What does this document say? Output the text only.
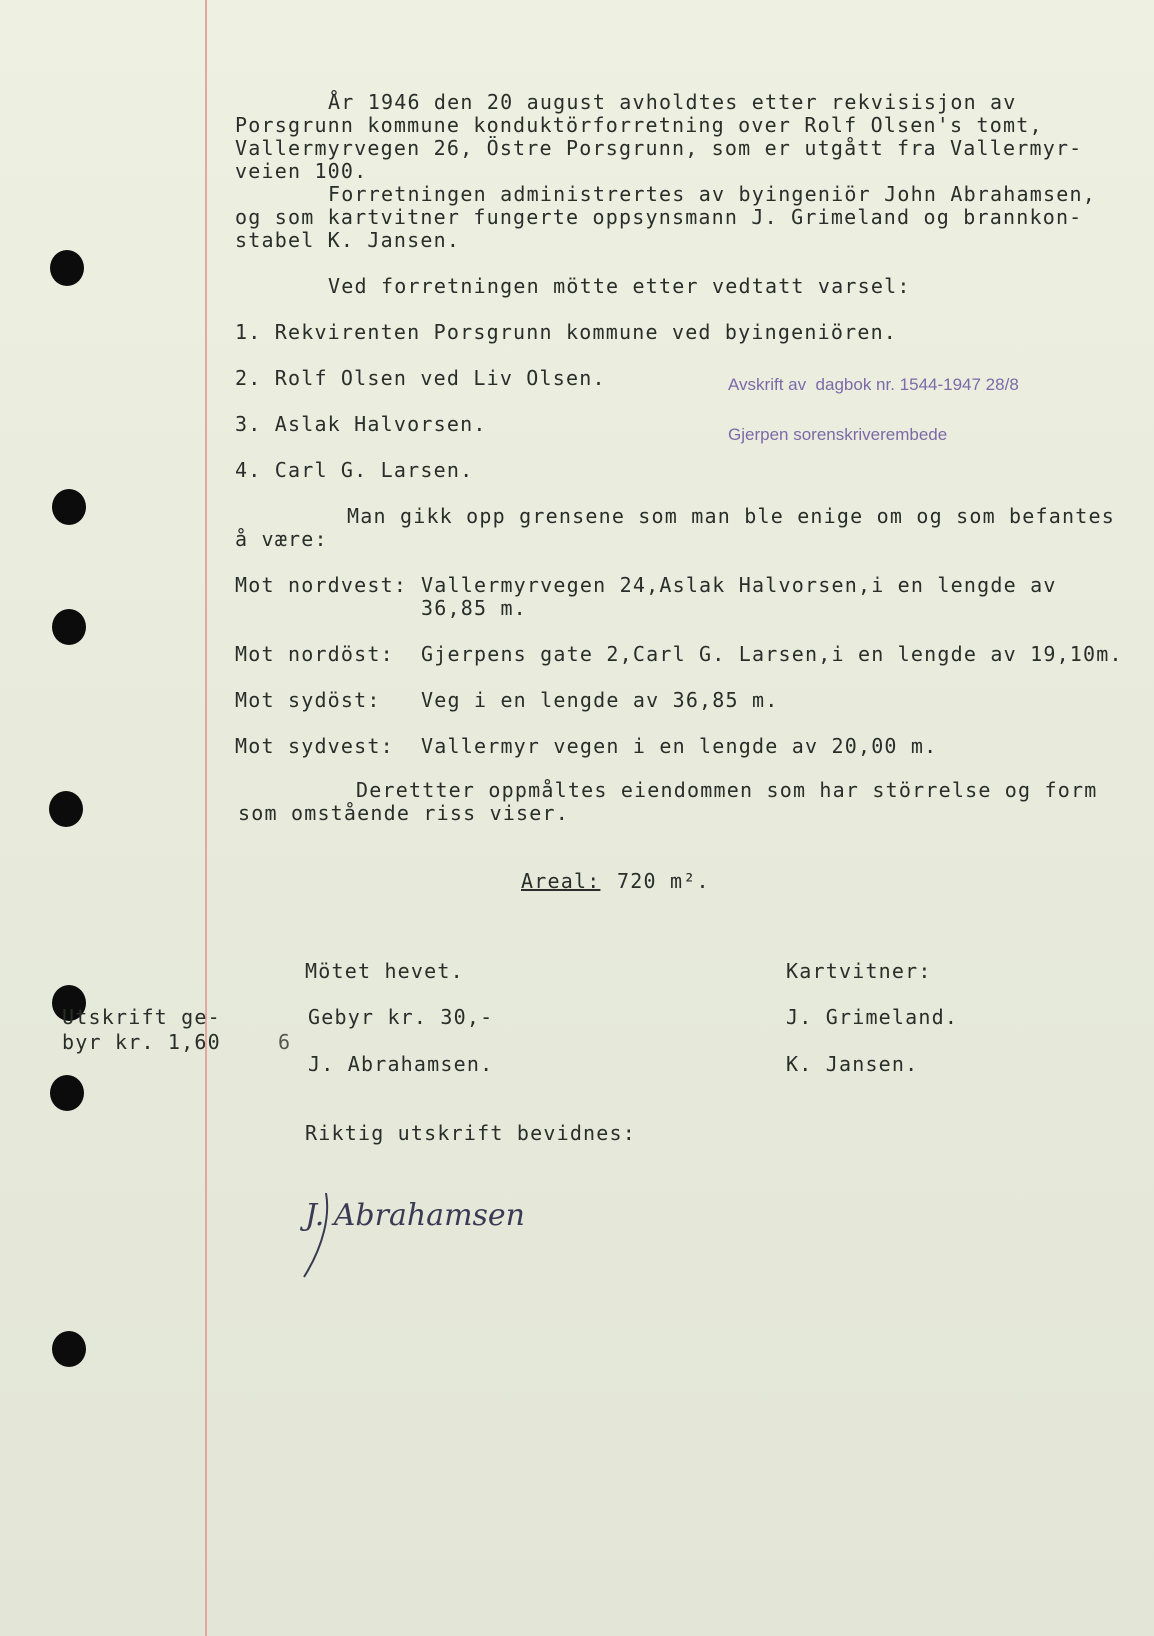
År 1946 den 20 august avholdtes etter rekvisisjon av
Porsgrunn kommune konduktörforretning over Rolf Olsen's tomt,
Vallermyrvegen 26, Östre Porsgrunn, som er utgått fra Vallermyr-
veien 100.
Forretningen administrertes av byingeniör John Abrahamsen,
og som kartvitner fungerte oppsynsmann J. Grimeland og brannkon-
stabel K. Jansen.
Ved forretningen mötte etter vedtatt varsel:
1. Rekvirenten Porsgrunn kommune ved byingeniören.
2. Rolf Olsen ved Liv Olsen.
3. Aslak Halvorsen.
4. Carl G. Larsen.
Avskrift av  dagbok nr. 1544-1947 28/8
Gjerpen sorenskriverembede
Man gikk opp grensene som man ble enige om og som befantes
å være:
Mot nordvest: Vallermyrvegen 24,Aslak Halvorsen,i en lengde av
36,85 m.
Mot nordöst: Gjerpens gate 2,Carl G. Larsen,i en lengde av 19,10m.
Mot sydöst: Veg i en lengde av 36,85 m.
Mot sydvest: Vallermyr vegen i en lengde av 20,00 m.
Derettter oppmåltes eiendommen som har störrelse og form
som omstående riss viser.
Areal: 720 m².
Mötet hevet.
Gebyr kr. 30,-
J. Abrahamsen.
Kartvitner:
J. Grimeland.
K. Jansen.
Utskrift ge-
byr kr. 1,60	6
Riktig utskrift bevidnes:
J. Abrahamsen
